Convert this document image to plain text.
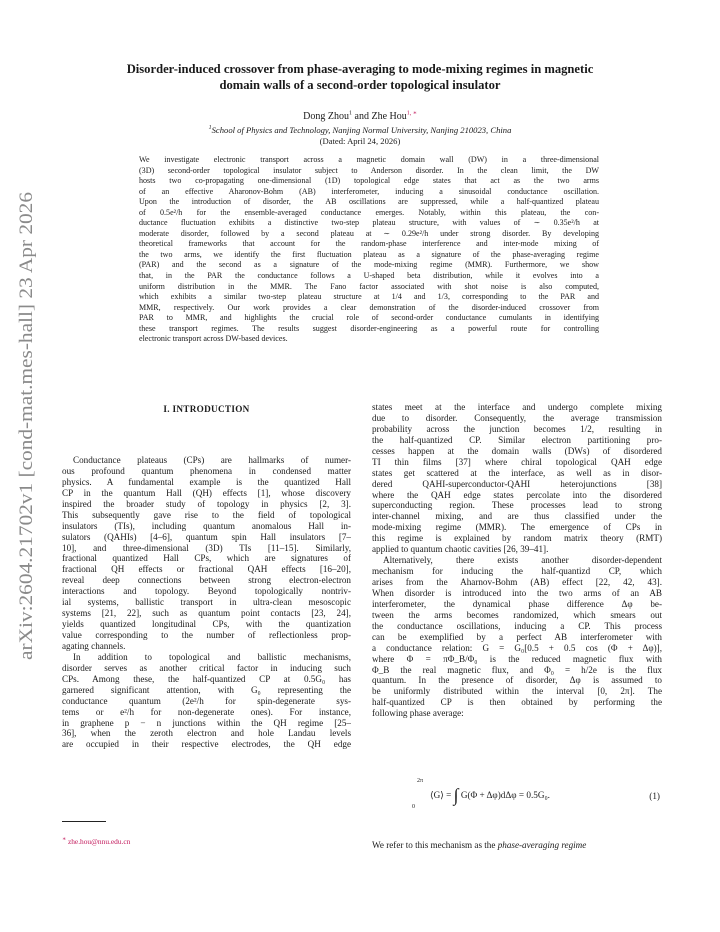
arXiv:2604.21702v1 [cond-mat.mes-hall] 23 Apr 2026
Disorder-induced crossover from phase-averaging to mode-mixing regimes in magnetic
domain walls of a second-order topological insulator
Dong Zhou$^1$ and Zhe Hou$^{1, ∗}$
$^1$School of Physics and Technology, Nanjing Normal University, Nanjing 210023, China
(Dated: April 24, 2026)
We investigate electronic transport across a magnetic domain wall (DW) in a three-dimensional
(3D) second-order topological insulator subject to Anderson disorder. In the clean limit, the DW
hosts two co-propagating one-dimensional (1D) topological edge states that act as the two arms
of an effective Aharonov-Bohm (AB) interferometer, inducing a sinusoidal conductance oscillation.
Upon the introduction of disorder, the AB oscillations are suppressed, while a half-quantized plateau
of 0.5e²/h for the ensemble-averaged conductance emerges. Notably, within this plateau, the con-
ductance fluctuation exhibits a distinctive two-step plateau structure, with values of ∼ 0.35e²/h at
moderate disorder, followed by a second plateau at ∼ 0.29e²/h under strong disorder. By developing
theoretical frameworks that account for the random-phase interference and inter-mode mixing of
the two arms, we identify the first fluctuation plateau as a signature of the phase-averaging regime
(PAR) and the second as a signature of the mode-mixing regime (MMR). Furthermore, we show
that, in the PAR the conductance follows a U-shaped beta distribution, while it evolves into a
uniform distribution in the MMR. The Fano factor associated with shot noise is also computed,
which exhibits a similar two-step plateau structure at 1/4 and 1/3, corresponding to the PAR and
MMR, respectively. Our work provides a clear demonstration of the disorder-induced crossover from
PAR to MMR, and highlights the crucial role of second-order conductance cumulants in identifying
these transport regimes. The results suggest disorder-engineering as a powerful route for controlling
electronic transport across DW-based devices.
I. INTRODUCTION
Conductance plateaus (CPs) are hallmarks of numer-
ous profound quantum phenomena in condensed matter
physics. A fundamental example is the quantized Hall
CP in the quantum Hall (QH) effects [1], whose discovery
inspired the broader study of topology in physics [2, 3].
This subsequently gave rise to the field of topological
insulators (TIs), including quantum anomalous Hall in-
sulators (QAHIs) [4–6], quantum spin Hall insulators [7–
10], and three-dimensional (3D) TIs [11–15]. Similarly,
fractional quantized Hall CPs, which are signatures of
fractional QH effects or fractional QAH effects [16–20],
reveal deep connections between strong electron-electron
interactions and topology. Beyond topologically nontriv-
ial systems, ballistic transport in ultra-clean mesoscopic
systems [21, 22], such as quantum point contacts [23, 24],
yields quantized longitudinal CPs, with the quantization
value corresponding to the number of reflectionless prop-
agating channels.
In addition to topological and ballistic mechanisms,
disorder serves as another critical factor in inducing such
CPs. Among these, the half-quantized CP at 0.5G₀ has
garnered significant attention, with G₀ representing the
conductance quantum (2e²/h for spin-degenerate sys-
tems or e²/h for non-degenerate ones). For instance,
in graphene p − n junctions within the QH regime [25–
36], when the zeroth electron and hole Landau levels
are occupied in their respective electrodes, the QH edge
states meet at the interface and undergo complete mixing
due to disorder. Consequently, the average transmission
probability across the junction becomes 1/2, resulting in
the half-quantized CP. Similar electron partitioning pro-
cesses happen at the domain walls (DWs) of disordered
TI thin films [37] where chiral topological QAH edge
states get scattered at the interface, as well as in disor-
dered QAHI-superconductor-QAHI heterojunctions [38]
where the QAH edge states percolate into the disordered
superconducting region. These processes lead to strong
inter-channel mixing, and are thus classified under the
mode-mixing regime (MMR). The emergence of CPs in
this regime is explained by random matrix theory (RMT)
applied to quantum chaotic cavities [26, 39–41].
Alternatively, there exists another disorder-dependent
mechanism for inducing the half-quantizd CP, which
arises from the Aharnov-Bohm (AB) effect [22, 42, 43].
When disorder is introduced into the two arms of an AB
interferometer, the dynamical phase difference Δφ be-
tween the arms becomes randomized, which smears out
the conductance oscillations, inducing a CP. This process
can be exemplified by a perfect AB interferometer with
a conductance relation: G = G₀[0.5 + 0.5 cos (Φ + Δφ)],
where Φ = πΦ_B/Φ₀ is the reduced magnetic flux with
Φ_B the real magnetic flux, and Φ₀ = h/2e is the flux
quantum. In the presence of disorder, Δφ is assumed to
be uniformly distributed within the interval [0, 2π]. The
half-quantized CP is then obtained by performing the
following phase average:
⟨G⟩ = ∫ G(Φ + Δφ)dΔφ = 0.5G₀.
2π
0
(1)
∗ zhe.hou@nnu.edu.cn	We refer to this mechanism as the phase-averaging regime
